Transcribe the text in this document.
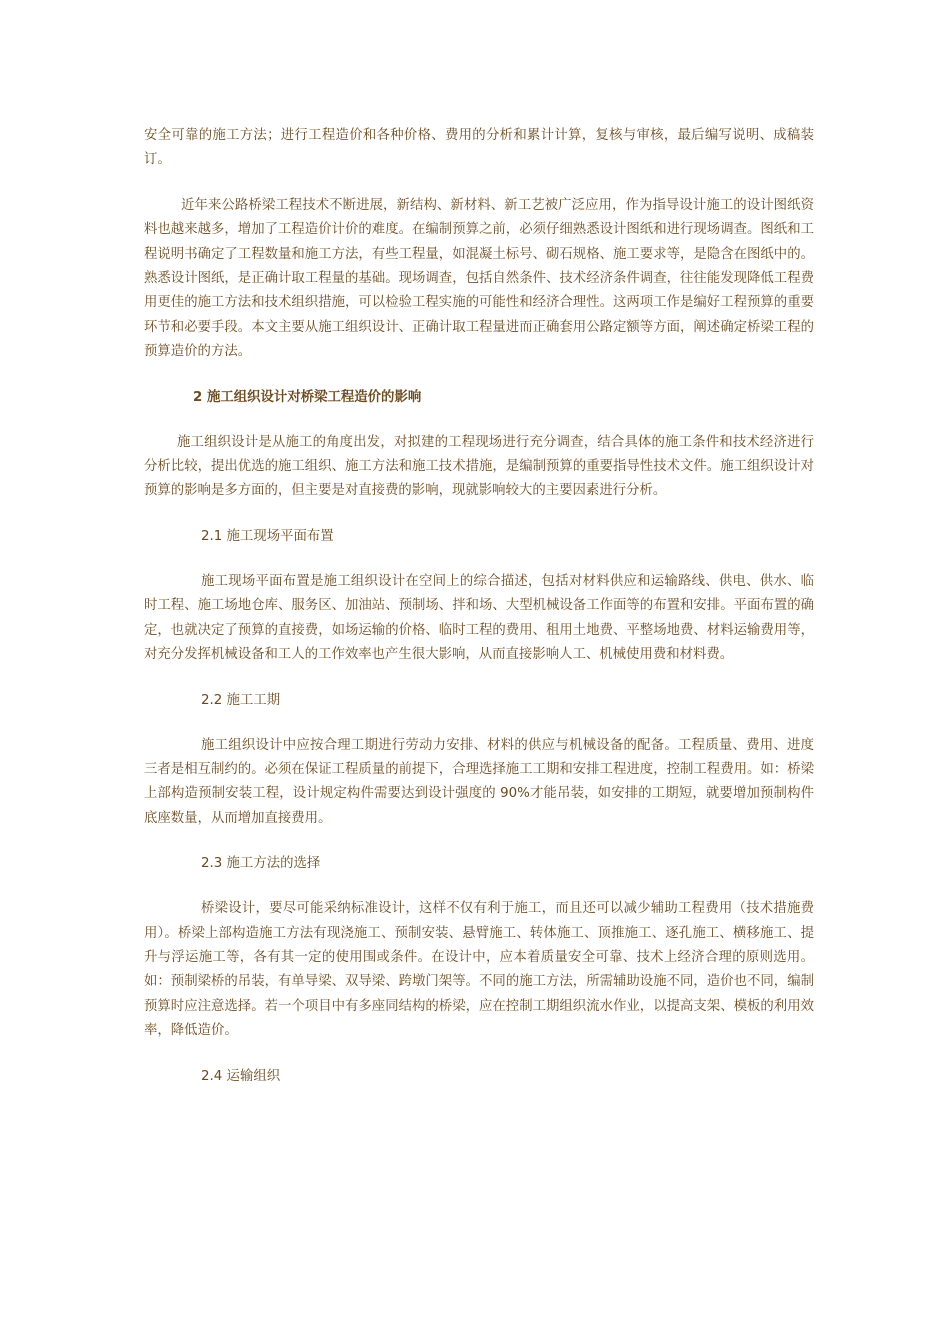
安全可靠的施工方法；进行工程造价和各种价格、费用的分析和累计计算，复核与审核，最后编写说明、成稿装订。

近年来公路桥梁工程技术不断进展，新结构、新材料、新工艺被广泛应用，作为指导设计施工的设计图纸资料也越来越多，增加了工程造价计价的难度。在编制预算之前，必须仔细熟悉设计图纸和进行现场调查。图纸和工程说明书确定了工程数量和施工方法，有些工程量，如混凝土标号、砌石规格、施工要求等，是隐含在图纸中的。熟悉设计图纸，是正确计取工程量的基础。现场调查，包括自然条件、技术经济条件调查，往往能发现降低工程费用更佳的施工方法和技术组织措施，可以检验工程实施的可能性和经济合理性。这两项工作是编好工程预算的重要环节和必要手段。本文主要从施工组织设计、正确计取工程量进而正确套用公路定额等方面，阐述确定桥梁工程的预算造价的方法。

2 施工组织设计对桥梁工程造价的影响

施工组织设计是从施工的角度出发，对拟建的工程现场进行充分调查，结合具体的施工条件和技术经济进行分析比较，提出优选的施工组织、施工方法和施工技术措施，是编制预算的重要指导性技术文件。施工组织设计对预算的影响是多方面的，但主要是对直接费的影响，现就影响较大的主要因素进行分析。

2.1 施工现场平面布置

施工现场平面布置是施工组织设计在空间上的综合描述，包括对材料供应和运输路线、供电、供水、临时工程、施工场地仓库、服务区、加油站、预制场、拌和场、大型机械设备工作面等的布置和安排。平面布置的确定，也就决定了预算的直接费，如场运输的价格、临时工程的费用、租用土地费、平整场地费、材料运输费用等，对充分发挥机械设备和工人的工作效率也产生很大影响，从而直接影响人工、机械使用费和材料费。

2.2 施工工期

施工组织设计中应按合理工期进行劳动力安排、材料的供应与机械设备的配备。工程质量、费用、进度三者是相互制约的。必须在保证工程质量的前提下，合理选择施工工期和安排工程进度，控制工程费用。如：桥梁上部构造预制安装工程，设计规定构件需要达到设计强度的 90%才能吊装，如安排的工期短，就要增加预制构件底座数量，从而增加直接费用。

2.3 施工方法的选择

桥梁设计，要尽可能采纳标准设计，这样不仅有利于施工，而且还可以减少辅助工程费用（技术措施费用）。桥梁上部构造施工方法有现浇施工、预制安装、悬臂施工、转体施工、顶推施工、逐孔施工、横移施工、提升与浮运施工等，各有其一定的使用围或条件。在设计中，应本着质量安全可靠、技术上经济合理的原则选用。如：预制梁桥的吊装，有单导梁、双导梁、跨墩门架等。不同的施工方法，所需辅助设施不同，造价也不同，编制预算时应注意选择。若一个项目中有多座同结构的桥梁，应在控制工期组织流水作业，以提高支架、模板的利用效率，降低造价。

2.4 运输组织
